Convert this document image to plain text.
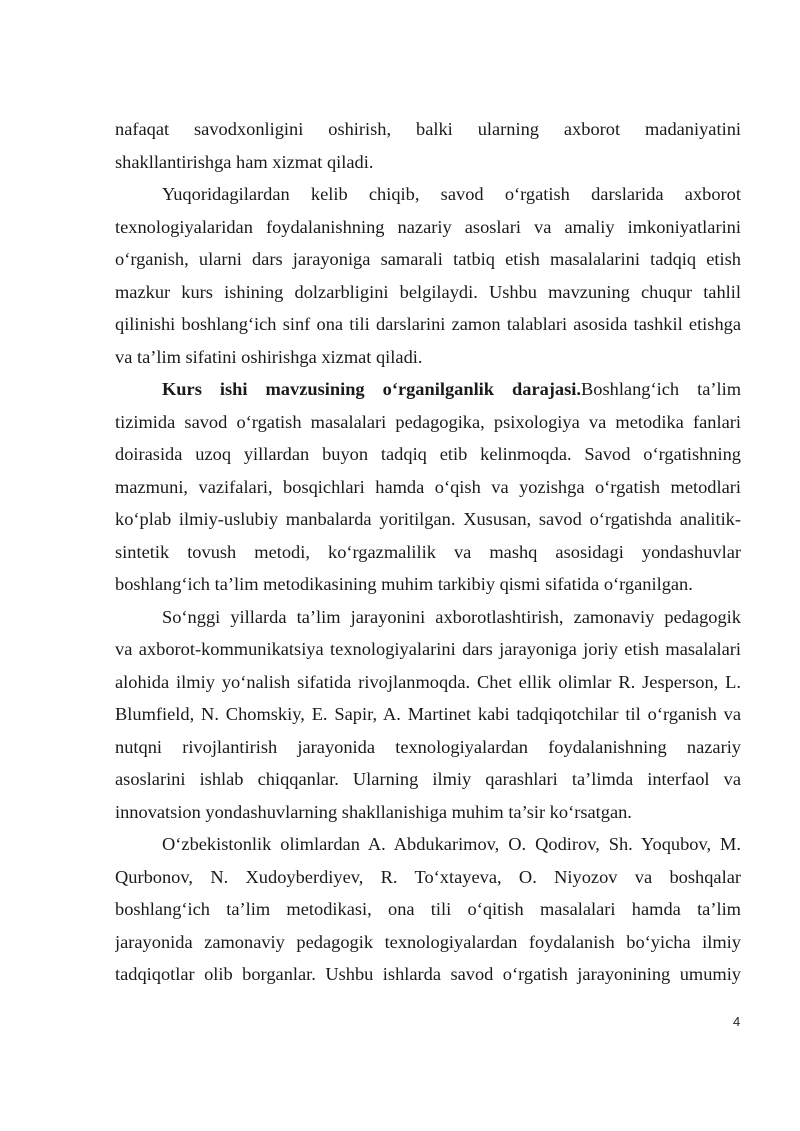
nafaqat savodxonligini oshirish, balki ularning axborot madaniyatini
shakllantirishga ham xizmat qiladi.
Yuqoridagilardan kelib chiqib, savod o‘rgatish darslarida axborot
texnologiyalaridan foydalanishning nazariy asoslari va amaliy imkoniyatlarini
o‘rganish, ularni dars jarayoniga samarali tatbiq etish masalalarini tadqiq etish
mazkur kurs ishining dolzarbligini belgilaydi. Ushbu mavzuning chuqur tahlil
qilinishi boshlang‘ich sinf ona tili darslarini zamon talablari asosida tashkil etishga
va ta’lim sifatini oshirishga xizmat qiladi.
Kurs ishi mavzusining o‘rganilganlik darajasi.Boshlang‘ich ta’lim
tizimida savod o‘rgatish masalalari pedagogika, psixologiya va metodika fanlari
doirasida uzoq yillardan buyon tadqiq etib kelinmoqda. Savod o‘rgatishning
mazmuni, vazifalari, bosqichlari hamda o‘qish va yozishga o‘rgatish metodlari
ko‘plab ilmiy-uslubiy manbalarda yoritilgan. Xususan, savod o‘rgatishda analitik-
sintetik tovush metodi, ko‘rgazmalilik va mashq asosidagi yondashuvlar
boshlang‘ich ta’lim metodikasining muhim tarkibiy qismi sifatida o‘rganilgan.
So‘nggi yillarda ta’lim jarayonini axborotlashtirish, zamonaviy pedagogik
va axborot-kommunikatsiya texnologiyalarini dars jarayoniga joriy etish masalalari
alohida ilmiy yo‘nalish sifatida rivojlanmoqda. Chet ellik olimlar R. Jesperson, L.
Blumfield, N. Chomskiy, E. Sapir, A. Martinet kabi tadqiqotchilar til o‘rganish va
nutqni rivojlantirish jarayonida texnologiyalardan foydalanishning nazariy
asoslarini ishlab chiqqanlar. Ularning ilmiy qarashlari ta’limda interfaol va
innovatsion yondashuvlarning shakllanishiga muhim ta’sir ko‘rsatgan.
O‘zbekistonlik olimlardan A. Abdukarimov, O. Qodirov, Sh. Yoqubov, M.
Qurbonov, N. Xudoyberdiyev, R. To‘xtayeva, O. Niyozov va boshqalar
boshlang‘ich ta’lim metodikasi, ona tili o‘qitish masalalari hamda ta’lim
jarayonida zamonaviy pedagogik texnologiyalardan foydalanish bo‘yicha ilmiy
tadqiqotlar olib borganlar. Ushbu ishlarda savod o‘rgatish jarayonining umumiy
4
